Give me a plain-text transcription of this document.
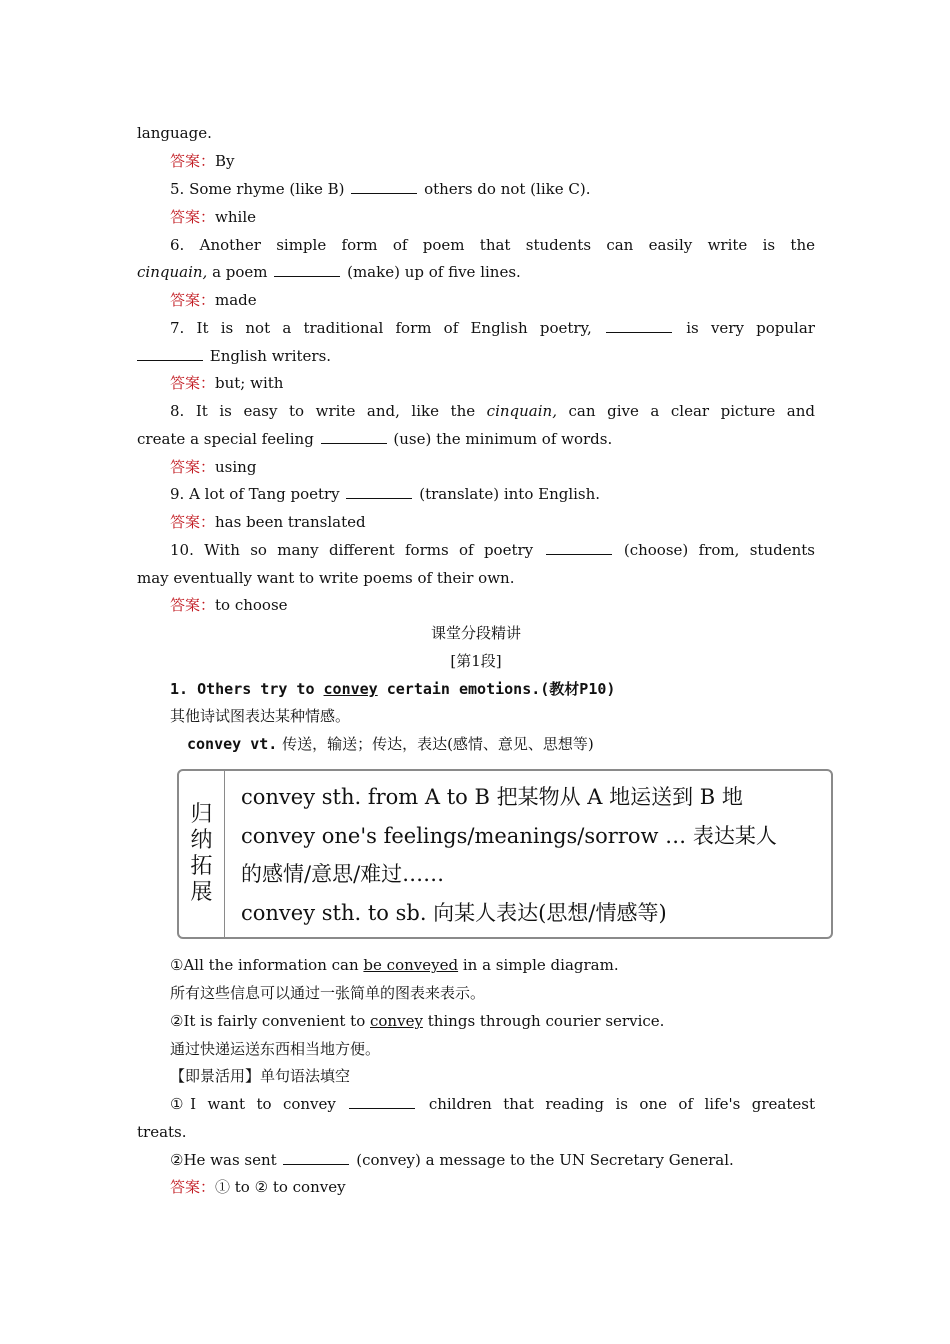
language.
答案：By
5. Some rhyme (like B)	others do not (like C).
答案：while
6. Another simple form of poem that students can easily write is the
cinquain, a poem	(make) up of five lines.
答案：made
7. It is not a traditional form of English poetry,	is very popular
English writers.
答案：but; with
8. It is easy to write and, like the cinquain, can give a clear picture and
create a special feeling	(use) the minimum of words.
答案：using
9. A lot of Tang poetry	(translate) into English.
答案：has been translated
10. With so many different forms of poetry	(choose) from, students
may eventually want to write poems of their own.
答案：to choose
课堂分段精讲
[第1段]
1. Others try to convey certain emotions.(教材P10)
其他诗试图表达某种情感。
convey vt. 传送，输送；传达，表达(感情、意见、思想等)
归
纳
拓
展
convey sth. from A to B 把某物从 A 地运送到 B 地
convey one's feelings/meanings/sorrow … 表达某人
的感情/意思/难过……
convey sth. to sb. 向某人表达(思想/情感等)
①All the information can be conveyed in a simple diagram.
所有这些信息可以通过一张简单的图表来表示。
②It is fairly convenient to convey things through courier service.
通过快递运送东西相当地方便。
【即景活用】单句语法填空
①I want to convey	children that reading is one of life's greatest
treats.
②He was sent	(convey) a message to the UN Secretary General.
答案：① to ② to convey
